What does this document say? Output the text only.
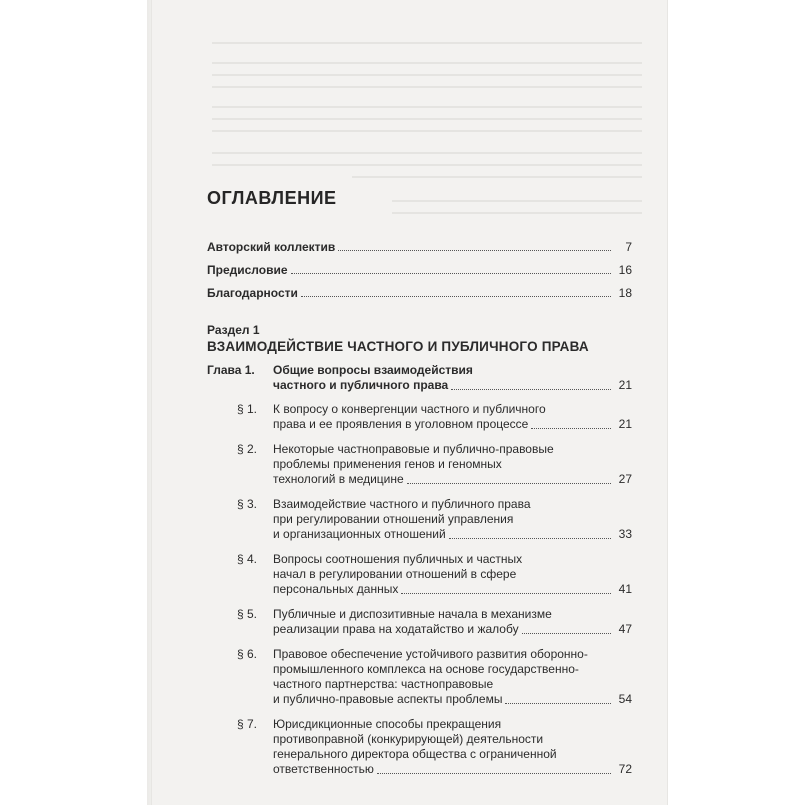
ОГЛАВЛЕНИЕ
Авторский коллектив	7
Предисловие	16
Благодарности	18
Раздел 1
ВЗАИМОДЕЙСТВИЕ ЧАСТНОГО И ПУБЛИЧНОГО ПРАВА
Глава 1.	Общие вопросы взаимодействия
частного и публичного права	21
§ 1.	К вопросу о конвергенции частного и публичного
права и ее проявления в уголовном процессе	21
§ 2.	Некоторые частноправовые и публично-правовые
проблемы применения генов и геномных
технологий в медицине	27
§ 3.	Взаимодействие частного и публичного права
при регулировании отношений управления
и организационных отношений	33
§ 4.	Вопросы соотношения публичных и частных
начал в регулировании отношений в сфере
персональных данных	41
§ 5.	Публичные и диспозитивные начала в механизме
реализации права на ходатайство и жалобу	47
§ 6.	Правовое обеспечение устойчивого развития оборонно-
промышленного комплекса на основе государственно-
частного партнерства: частноправовые
и публично-правовые аспекты проблемы	54
§ 7.	Юрисдикционные способы прекращения
противоправной (конкурирующей) деятельности
генерального директора общества с ограниченной
ответственностью	72
